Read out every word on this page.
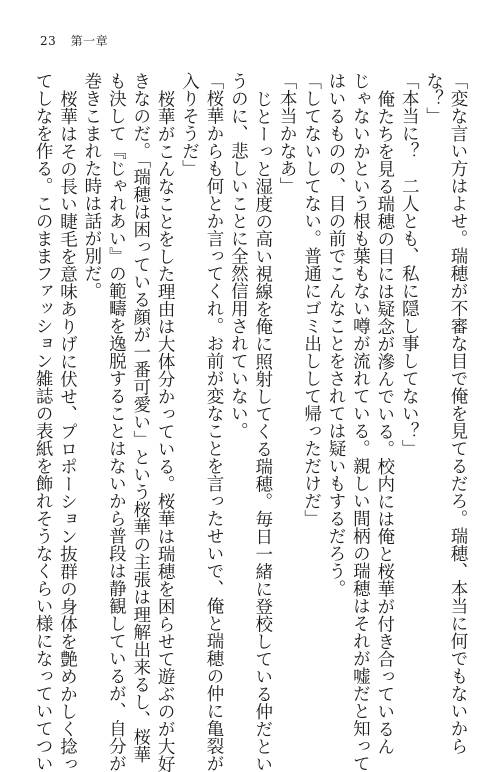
23 第一章
「変な言い方はよせ。瑞穂が不審な目で俺を見てるだろ。瑞穂、本当に何でもないから
な？」
「本当に？　二人とも、私に隠し事してない？」
俺たちを見る瑞穂の目には疑念が滲んでいる。校内には俺と桜華が付き合っているん
じゃないかという根も葉もない噂が流れている。親しい間柄の瑞穂はそれが嘘だと知って
はいるものの、目の前でこんなことをされては疑いもするだろう。
「してないしてない。普通にゴミ出しして帰っただけだ」
「本当かなあ」
じとーっと湿度の高い視線を俺に照射してくる瑞穂。毎日一緒に登校している仲だとい
うのに、悲しいことに全然信用されていない。
「桜華からも何とか言ってくれ。お前が変なことを言ったせいで、俺と瑞穂の仲に亀裂が
入りそうだ」
桜華がこんなことをした理由は大体分かっている。桜華は瑞穂を困らせて遊ぶのが大好
きなのだ。「瑞穂は困っている顔が一番可愛い」という桜華の主張は理解出来るし、桜華
も決して『じゃれあい』の範疇を逸脱することはないから普段は静観しているが、自分が
巻きこまれた時は話が別だ。
桜華はその長い睫毛を意味ありげに伏せ、プロポーション抜群の身体を艶めかしく捻っ
てしなを作る。このままファッション雑誌の表紙を飾れそうなくらい様になっていてつい
